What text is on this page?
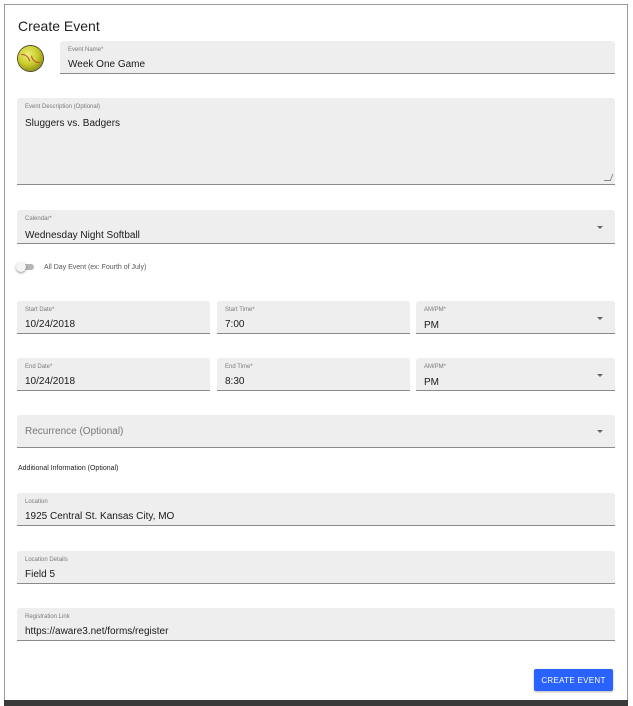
Create Event
Event Name*
Week One Game
Event Description (Optional)
Sluggers vs. Badgers
Calendar*
Wednesday Night Softball
All Day Event (ex: Fourth of July)
Start Date*
10/24/2018
Start Time*
7:00
AM/PM*
PM
End Date*
10/24/2018
End Time*
8:30
AM/PM*
PM
Recurrence (Optional)
Additional Information (Optional)
Location
1925 Central St. Kansas City, MO
Location Details
Field 5
Registration Link
https://aware3.net/forms/register
CREATE EVENT
